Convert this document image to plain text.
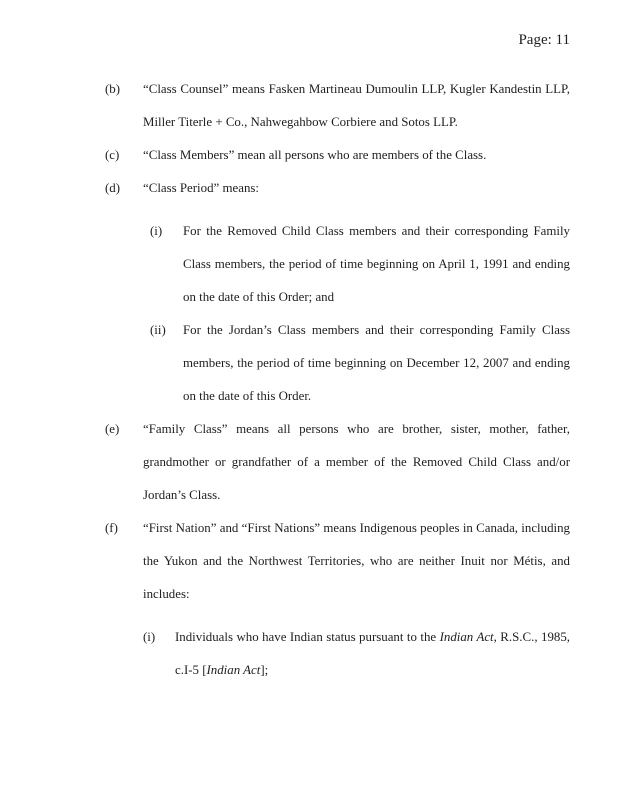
Page: 11
(b) “Class Counsel” means Fasken Martineau Dumoulin LLP, Kugler Kandestin LLP, Miller Titerle + Co., Nahwegahbow Corbiere and Sotos LLP.

(c) “Class Members” mean all persons who are members of the Class.

(d) “Class Period” means:

(i) For the Removed Child Class members and their corresponding Family Class members, the period of time beginning on April 1, 1991 and ending on the date of this Order; and

(ii) For the Jordan’s Class members and their corresponding Family Class members, the period of time beginning on December 12, 2007 and ending on the date of this Order.

(e) “Family Class” means all persons who are brother, sister, mother, father, grandmother or grandfather of a member of the Removed Child Class and/or Jordan’s Class.

(f) “First Nation” and “First Nations” means Indigenous peoples in Canada, including the Yukon and the Northwest Territories, who are neither Inuit nor Métis, and includes:

(i) Individuals who have Indian status pursuant to the Indian Act, R.S.C., 1985, c.I-5 [Indian Act];
